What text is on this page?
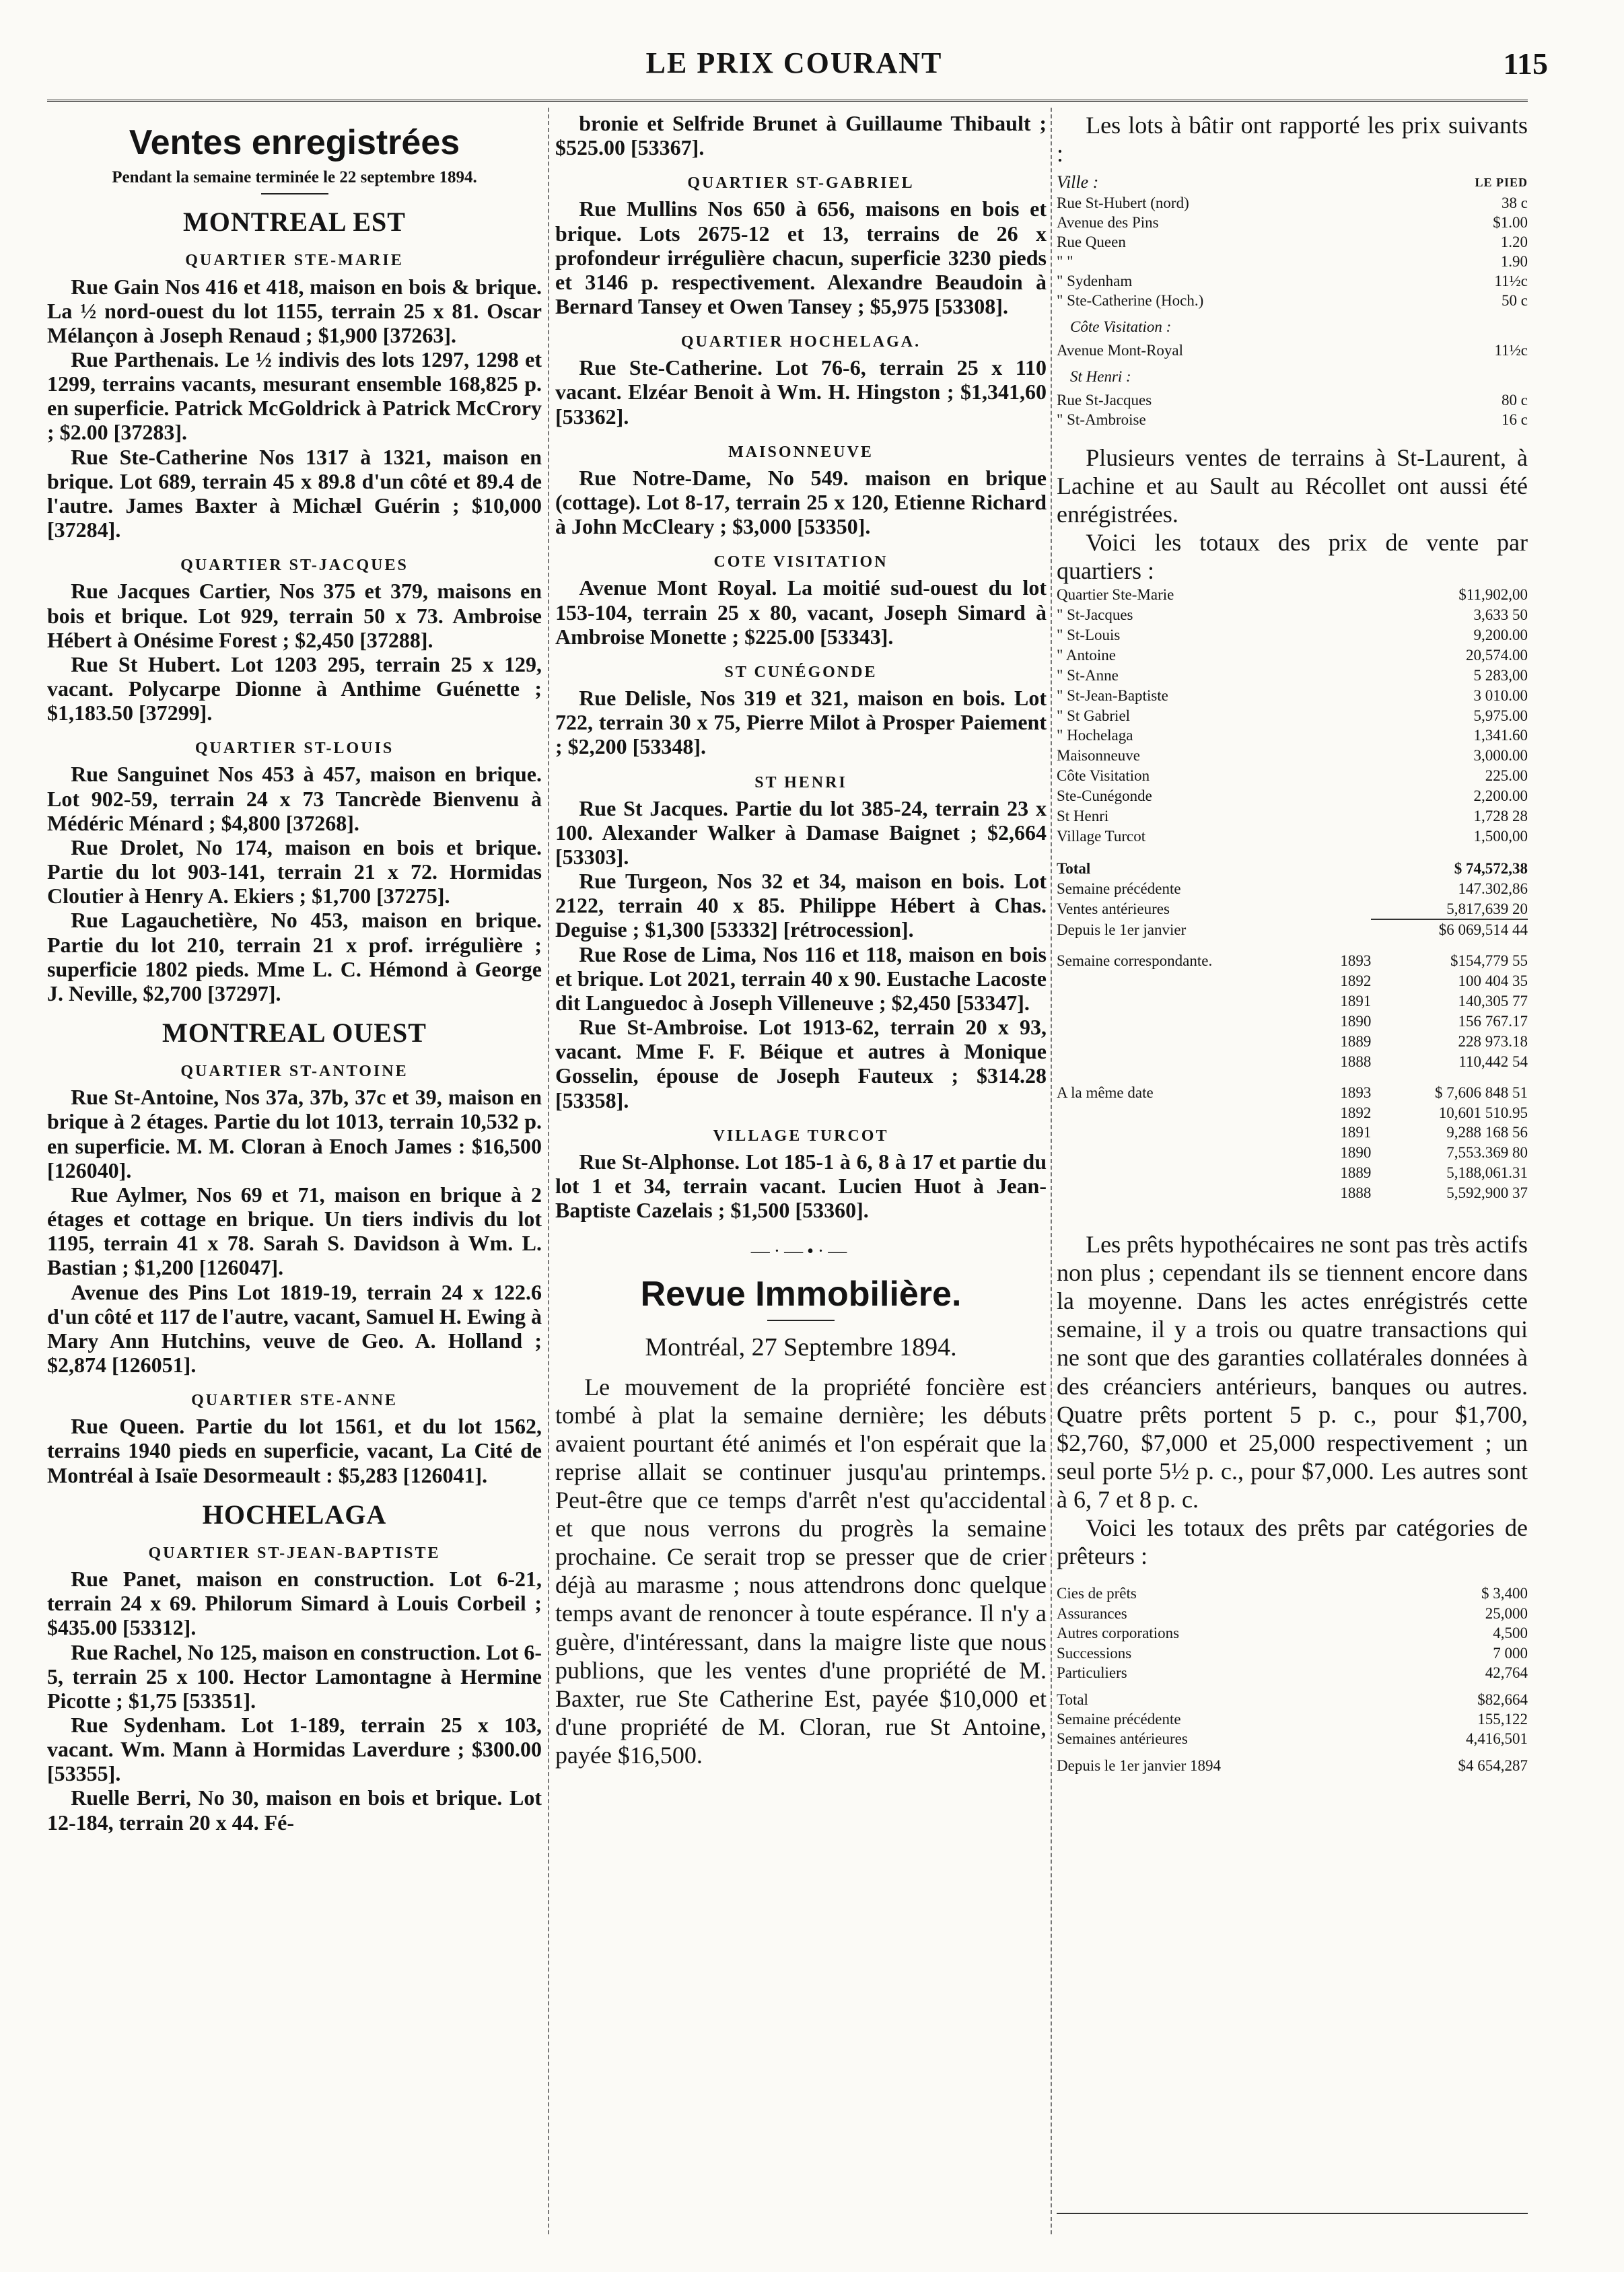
LE PRIX COURANT	115
Ventes enregistrées
Pendant la semaine terminée le 22 septembre 1894.
MONTREAL EST
QUARTIER STE-MARIE

Rue Gain Nos 416 et 418, maison en bois & brique. La ½ nord-ouest du lot 1155, terrain 25 x 81. Oscar Mélançon à Joseph Renaud ; $1,900 [37263].

Rue Parthenais. Le ½ indivis des lots 1297, 1298 et 1299, terrains vacants, mesurant ensemble 168,825 p. en superficie. Patrick McGoldrick à Patrick McCrory ; $2.00 [37283].

Rue Ste-Catherine Nos 1317 à 1321, maison en brique. Lot 689, terrain 45 x 89.8 d'un côté et 89.4 de l'autre. James Baxter à Michæl Guérin ; $10,000 [37284].

QUARTIER ST-JACQUES

Rue Jacques Cartier, Nos 375 et 379, maisons en bois et brique. Lot 929, terrain 50 x 73. Ambroise Hébert à Onésime Forest ; $2,450 [37288].

Rue St Hubert. Lot 1203 295, terrain 25 x 129, vacant. Polycarpe Dionne à Anthime Guénette ; $1,183.50 [37299].

QUARTIER ST-LOUIS

Rue Sanguinet Nos 453 à 457, maison en brique. Lot 902-59, terrain 24 x 73 Tancrède Bienvenu à Médéric Ménard ; $4,800 [37268].

Rue Drolet, No 174, maison en bois et brique. Partie du lot 903-141, terrain 21 x 72. Hormidas Cloutier à Henry A. Ekiers ; $1,700 [37275].

Rue Lagauchetière, No 453, maison en brique. Partie du lot 210, terrain 21 x prof. irrégulière ; superficie 1802 pieds. Mme L. C. Hémond à George J. Neville, $2,700 [37297].

MONTREAL OUEST
QUARTIER ST-ANTOINE

Rue St-Antoine, Nos 37a, 37b, 37c et 39, maison en brique à 2 étages. Partie du lot 1013, terrain 10,532 p. en superficie. M. M. Cloran à Enoch James : $16,500 [126040].

Rue Aylmer, Nos 69 et 71, maison en brique à 2 étages et cottage en brique. Un tiers indivis du lot 1195, terrain 41 x 78. Sarah S. Davidson à Wm. L. Bastian ; $1,200 [126047].

Avenue des Pins Lot 1819-19, terrain 24 x 122.6 d'un côté et 117 de l'autre, vacant, Samuel H. Ewing à Mary Ann Hutchins, veuve de Geo. A. Holland ; $2,874 [126051].

QUARTIER STE-ANNE

Rue Queen. Partie du lot 1561, et du lot 1562, terrains 1940 pieds en superficie, vacant, La Cité de Montréal à Isaïe Desormeault : $5,283 [126041].

HOCHELAGA
QUARTIER ST-JEAN-BAPTISTE

Rue Panet, maison en construction. Lot 6-21, terrain 24 x 69. Philorum Simard à Louis Corbeil ; $435.00 [53312].

Rue Rachel, No 125, maison en construction. Lot 6-5, terrain 25 x 100. Hector Lamontagne à Hermine Picotte ; $1,75 [53351].

Rue Sydenham. Lot 1-189, terrain 25 x 103, vacant. Wm. Mann à Hormidas Laverdure ; $300.00 [53355].

Ruelle Berri, No 30, maison en bois et brique. Lot 12-184, terrain 20 x 44. Fé-

bronie et Selfride Brunet à Guillaume Thibault ; $525.00 [53367].

QUARTIER ST-GABRIEL

Rue Mullins Nos 650 à 656, maisons en bois et brique. Lots 2675-12 et 13, terrains de 26 x profondeur irrégulière chacun, superficie 3230 pieds et 3146 p. respectivement. Alexandre Beaudoin à Bernard Tansey et Owen Tansey ; $5,975 [53308].

QUARTIER HOCHELAGA.

Rue Ste-Catherine. Lot 76-6, terrain 25 x 110 vacant. Elzéar Benoit à Wm. H. Hingston ; $1,341,60 [53362].

MAISONNEUVE

Rue Notre-Dame, No 549. maison en brique (cottage). Lot 8-17, terrain 25 x 120, Etienne Richard à John McCleary ; $3,000 [53350].

COTE VISITATION

Avenue Mont Royal. La moitié sud-ouest du lot 153-104, terrain 25 x 80, vacant, Joseph Simard à Ambroise Monette ; $225.00 [53343].

ST CUNÉGONDE

Rue Delisle, Nos 319 et 321, maison en bois. Lot 722, terrain 30 x 75, Pierre Milot à Prosper Paiement ; $2,200 [53348].

ST HENRI

Rue St Jacques. Partie du lot 385-24, terrain 23 x 100. Alexander Walker à Damase Baignet ; $2,664 [53303].

Rue Turgeon, Nos 32 et 34, maison en bois. Lot 2122, terrain 40 x 85. Philippe Hébert à Chas. Deguise ; $1,300 [53332] [rétrocession].

Rue Rose de Lima, Nos 116 et 118, maison en bois et brique. Lot 2021, terrain 40 x 90. Eustache Lacoste dit Languedoc à Joseph Villeneuve ; $2,450 [53347].

Rue St-Ambroise. Lot 1913-62, terrain 20 x 93, vacant. Mme F. F. Béique et autres à Monique Gosselin, épouse de Joseph Fauteux ; $314.28 [53358].

VILLAGE TURCOT

Rue St-Alphonse. Lot 185-1 à 6, 8 à 17 et partie du lot 1 et 34, terrain vacant. Lucien Huot à Jean-Baptiste Cazelais ; $1,500 [53360].

—·—•·—
Revue Immobilière.
Montréal, 27 Septembre 1894.

Le mouvement de la propriété foncière est tombé à plat la semaine dernière; les débuts avaient pourtant été animés et l'on espérait que la reprise allait se continuer jusqu'au printemps. Peut-être que ce temps d'arrêt n'est qu'accidental et que nous verrons du progrès la semaine prochaine. Ce serait trop se presser que de crier déjà au marasme ; nous attendrons donc quelque temps avant de renoncer à toute espérance. Il n'y a guère, d'intéressant, dans la maigre liste que nous publions, que les ventes d'une propriété de M. Baxter, rue Ste Catherine Est, payée $10,000 et d'une propriété de M. Cloran, rue St Antoine, payée $16,500.

Les lots à bâtir ont rapporté les prix suivants :

Ville :	LE PIED
Rue St-Hubert (nord)	38 c
Avenue des Pins	$1.00
Rue Queen	1.20
" "	1.90
" Sydenham	11½c
" Ste-Catherine (Hoch.)	50 c
Côte Visitation :	
Avenue Mont-Royal	11½c
St Henri :	
Rue St-Jacques	80 c
" St-Ambroise	16 c

Plusieurs ventes de terrains à St-Laurent, à Lachine et au Sault au Récollet ont aussi été enrégistrées.

Voici les totaux des prix de vente par quartiers :

Quartier Ste-Marie		$11,902,00
" St-Jacques		3,633 50
" St-Louis		9,200.00
" Antoine		20,574.00
" St-Anne		5 283,00
" St-Jean-Baptiste		3 010.00
" St Gabriel		5,975.00
" Hochelaga		1,341.60
Maisonneuve		3,000.00
Côte Visitation		225.00
Ste-Cunégonde		2,200.00
St Henri		1,728 28
Village Turcot		1,500,00
Total		$ 74,572,38
Semaine précédente		147.302,86
Ventes antérieures		5,817,639 20
Depuis le 1er janvier		$6 069,514 44

Semaine correspondante.	1893	$154,779 55
	1892	100 404 35
	1891	140,305 77
	1890	156 767.17
	1889	228 973.18
	1888	110,442 54

A la même date	1893	$ 7,606 848 51
	1892	10,601 510.95
	1891	9,288 168 56
	1890	7,553.369 80
	1889	5,188,061.31
	1888	5,592,900 37

Les prêts hypothécaires ne sont pas très actifs non plus ; cependant ils se tiennent encore dans la moyenne. Dans les actes enrégistrés cette semaine, il y a trois ou quatre transactions qui ne sont que des garanties collatérales données à des créanciers antérieurs, banques ou autres. Quatre prêts portent 5 p. c., pour $1,700, $2,760, $7,000 et 25,000 respectivement ; un seul porte 5½ p. c., pour $7,000. Les autres sont à 6, 7 et 8 p. c.

Voici les totaux des prêts par catégories de prêteurs :

Cies de prêts	$ 3,400
Assurances	25,000
Autres corporations	4,500
Successions	7 000
Particuliers	42,764
Total	$82,664
Semaine précédente	155,122
Semaines antérieures	4,416,501
Depuis le 1er janvier 1894	$4 654,287
